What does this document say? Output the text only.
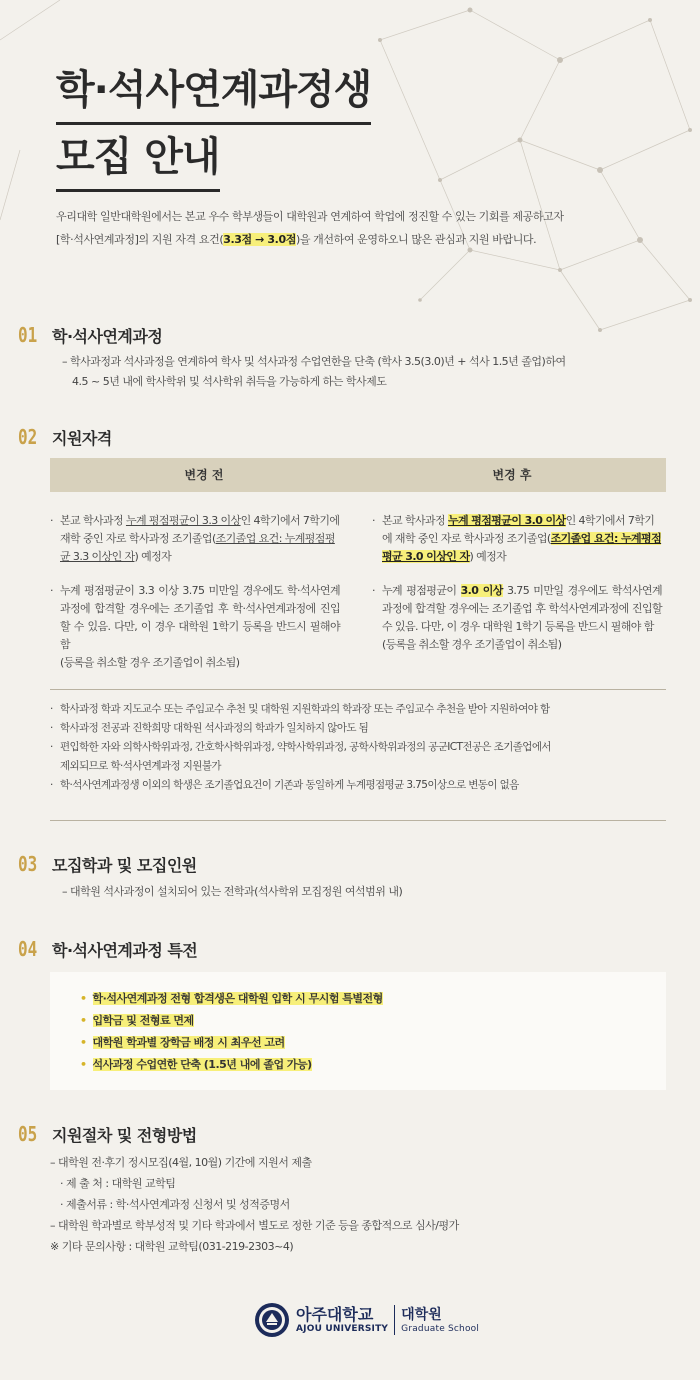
학·석사연계과정생
모집 안내
우리대학 일반대학원에서는 본교 우수 학부생들이 대학원과 연계하여 학업에 정진할 수 있는 기회를 제공하고자
[학·석사연계과정]의 지원 자격 요건(3.3점 → 3.0점)을 개선하여 운영하오니 많은 관심과 지원 바랍니다.
01 학·석사연계과정
– 학사과정과 석사과정을 연계하여 학사 및 석사과정 수업연한을 단축 (학사 3.5(3.0)년 + 석사 1.5년 졸업)하여
4.5 ~ 5년 내에 학사학위 및 석사학위 취득을 가능하게 하는 학사제도
02 지원자격
변경 전	변경 후

· 본교 학사과정 누계 평점평균이 3.3 이상인 4학기에서 7학기에 재학 중인 자로 학사과정 조기졸업(조기졸업 요건: 누계평점평균 3.3 이상인 자) 예정자

· 누계 평점평균이 3.3 이상 3.75 미만일 경우에도 학·석사연계과정에 합격할 경우에는 조기졸업 후 학·석사연계과정에 진입할 수 있음. 다만, 이 경우 대학원 1학기 등록을 반드시 필해야 함
(등록을 취소할 경우 조기졸업이 취소됨)

· 본교 학사과정 누계 평점평균이 3.0 이상인 4학기에서 7학기에 재학 중인 자로 학사과정 조기졸업(조기졸업 요건: 누계평점평균 3.0 이상인 자) 예정자

· 누계 평점평균이 3.0 이상 3.75 미만일 경우에도 학석사연계과정에 합격할 경우에는 조기졸업 후 학석사연계과정에 진입할 수 있음. 다만, 이 경우 대학원 1학기 등록을 반드시 필해야 함
(등록을 취소할 경우 조기졸업이 취소됨)

· 학사과정 학과 지도교수 또는 주임교수 추천 및 대학원 지원학과의 학과장 또는 주임교수 추천을 받아 지원하여야 함

· 학사과정 전공과 진학희망 대학원 석사과정의 학과가 일치하지 않아도 됨

· 편입학한 자와 의학사학위과정, 간호학사학위과정, 약학사학위과정, 공학사학위과정의 공군ICT전공은 조기졸업에서

제외되므로 학·석사연계과정 지원불가

· 학·석사연계과정생 이외의 학생은 조기졸업요건이 기존과 동일하게 누계평점평균 3.75이상으로 변동이 없음

03 모집학과 및 모집인원
– 대학원 석사과정이 설치되어 있는 전학과(석사학위 모집정원 여석범위 내)
04 학·석사연계과정 특전
• 학·석사연계과정 전형 합격생은 대학원 입학 시 무시험 특별전형
• 입학금 및 전형료 면제
• 대학원 학과별 장학금 배정 시 최우선 고려
• 석사과정 수업연한 단축 (1.5년 내에 졸업 가능)
05 지원절차 및 전형방법
– 대학원 전·후기 정시모집(4월, 10월) 기간에 지원서 제출
· 제 출 처 : 대학원 교학팀
· 제출서류 : 학·석사연계과정 신청서 및 성적증명서
– 대학원 학과별로 학부성적 및 기타 학과에서 별도로 정한 기준 등을 종합적으로 심사/평가
※ 기타 문의사항 : 대학원 교학팀(031-219-2303~4)
아주대학교
AJOU UNIVERSITY
대학원
Graduate School
